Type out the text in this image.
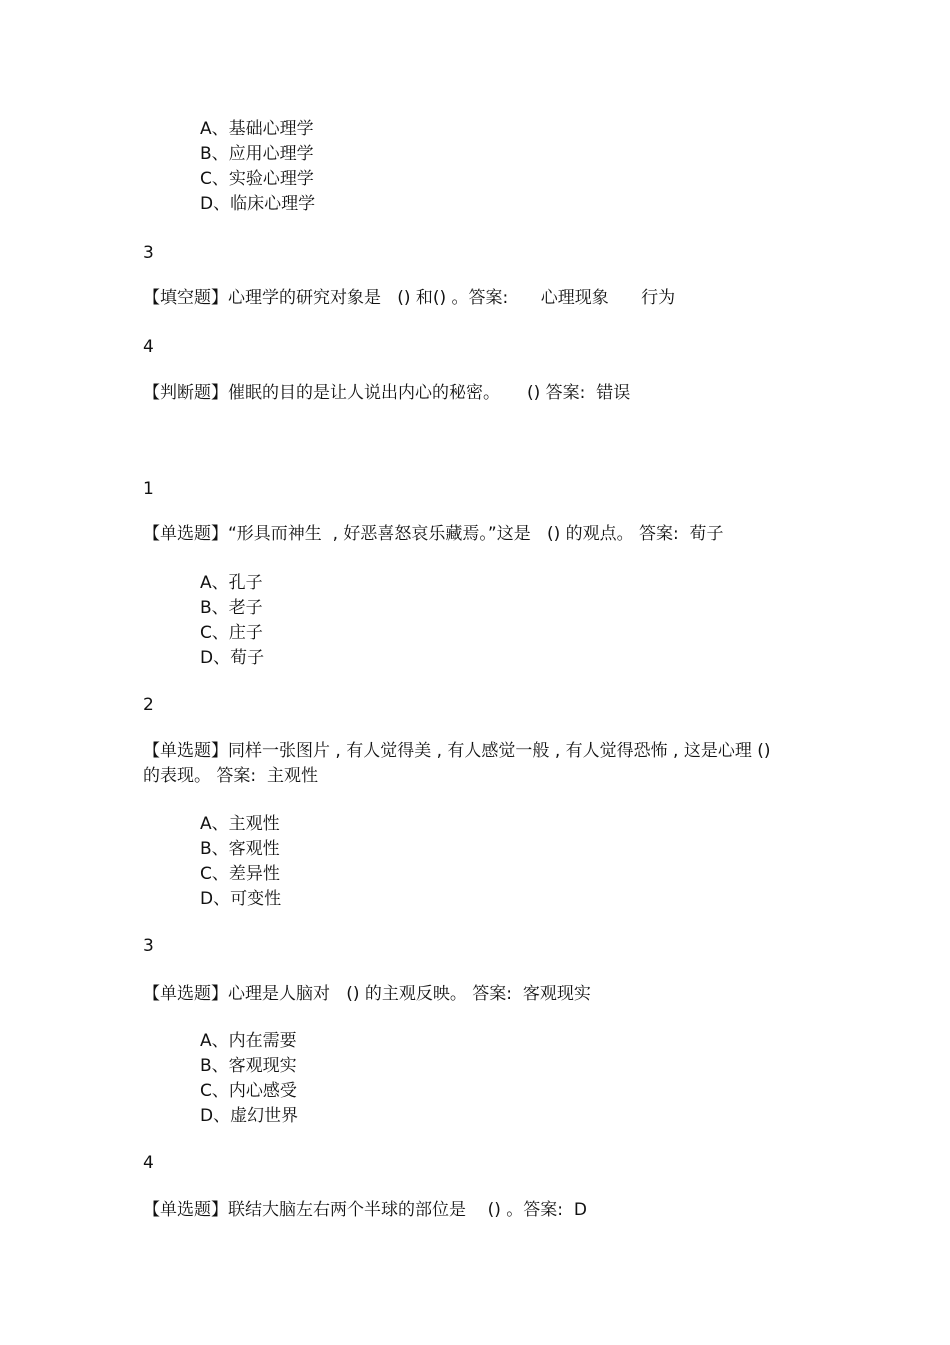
A、基础心理学
B、应用心理学
C、实验心理学
D、临床心理学
3
【填空题】心理学的研究对象是   () 和() 。答案:      心理现象      行为
4
【判断题】催眠的目的是让人说出内心的秘密。     () 答案:  错误
1
【单选题】“形具而神生  , 好恶喜怒哀乐藏焉。”这是   () 的观点。 答案:  荀子
A、孔子
B、老子
C、庄子
D、荀子
2
【单选题】同样一张图片 , 有人觉得美 , 有人感觉一般 , 有人觉得恐怖 , 这是心理 ()
的表现。 答案:  主观性
A、主观性
B、客观性
C、差异性
D、可变性
3
【单选题】心理是人脑对   () 的主观反映。 答案:  客观现实
A、内在需要
B、客观现实
C、内心感受
D、虚幻世界
4
【单选题】联结大脑左右两个半球的部位是    () 。答案:  D
